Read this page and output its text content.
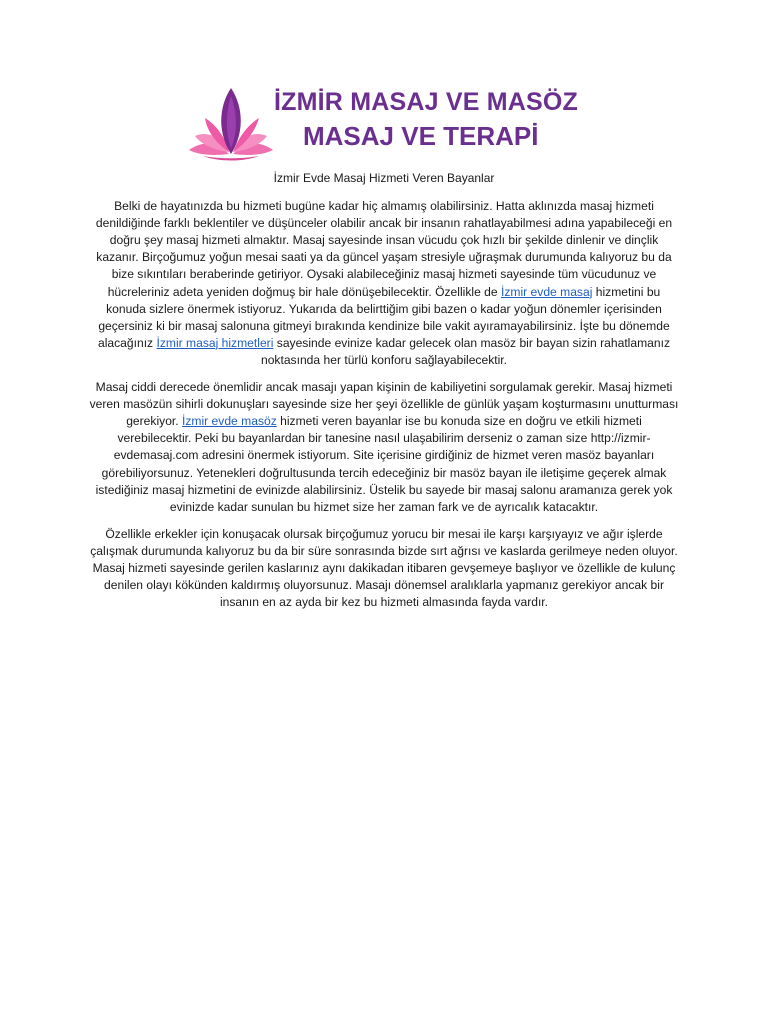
İZMİR MASAJ VE MASÖZ
MASAJ VE TERAPİ

İzmir Evde Masaj Hizmeti Veren Bayanlar

Belki de hayatınızda bu hizmeti bugüne kadar hiç almamış olabilirsiniz. Hatta aklınızda masaj hizmeti denildiğinde farklı beklentiler ve düşünceler olabilir ancak bir insanın rahatlayabilmesi adına yapabileceği en doğru şey masaj hizmeti almaktır. Masaj sayesinde insan vücudu çok hızlı bir şekilde dinlenir ve dinçlik kazanır. Birçoğumuz yoğun mesai saati ya da güncel yaşam stresiyle uğraşmak durumunda kalıyoruz bu da bize sıkıntıları beraberinde getiriyor. Oysaki alabileceğiniz masaj hizmeti sayesinde tüm vücudunuz ve hücreleriniz adeta yeniden doğmuş bir hale dönüşebilecektir. Özellikle de İzmir evde masaj hizmetini bu konuda sizlere önermek istiyoruz. Yukarıda da belirttiğim gibi bazen o kadar yoğun dönemler içerisinden geçersiniz ki bir masaj salonuna gitmeyi bırakında kendinize bile vakit ayıramayabilirsiniz. İşte bu dönemde alacağınız İzmir masaj hizmetleri sayesinde evinize kadar gelecek olan masöz bir bayan sizin rahatlamanız noktasında her türlü konforu sağlayabilecektir.

Masaj ciddi derecede önemlidir ancak masajı yapan kişinin de kabiliyetini sorgulamak gerekir. Masaj hizmeti veren masözün sihirli dokunuşları sayesinde size her şeyi özellikle de günlük yaşam koşturmasını unutturması gerekiyor. İzmir evde masöz hizmeti veren bayanlar ise bu konuda size en doğru ve etkili hizmeti verebilecektir. Peki bu bayanlardan bir tanesine nasıl ulaşabilirim derseniz o zaman size http://izmir-evdemasaj.com adresini önermek istiyorum. Site içerisine girdiğiniz de hizmet veren masöz bayanları görebiliyorsunuz. Yetenekleri doğrultusunda tercih edeceğiniz bir masöz bayan ile iletişime geçerek almak istediğiniz masaj hizmetini de evinizde alabilirsiniz. Üstelik bu sayede bir masaj salonu aramanıza gerek yok evinizde kadar sunulan bu hizmet size her zaman fark ve de ayrıcalık katacaktır.

Özellikle erkekler için konuşacak olursak birçoğumuz yorucu bir mesai ile karşı karşıyayız ve ağır işlerde çalışmak durumunda kalıyoruz bu da bir süre sonrasında bizde sırt ağrısı ve kaslarda gerilmeye neden oluyor. Masaj hizmeti sayesinde gerilen kaslarınız aynı dakikadan itibaren gevşemeye başlıyor ve özellikle de kulunç denilen olayı kökünden kaldırmış oluyorsunuz. Masajı dönemsel aralıklarla yapmanız gerekiyor ancak bir insanın en az ayda bir kez bu hizmeti almasında fayda vardır.
